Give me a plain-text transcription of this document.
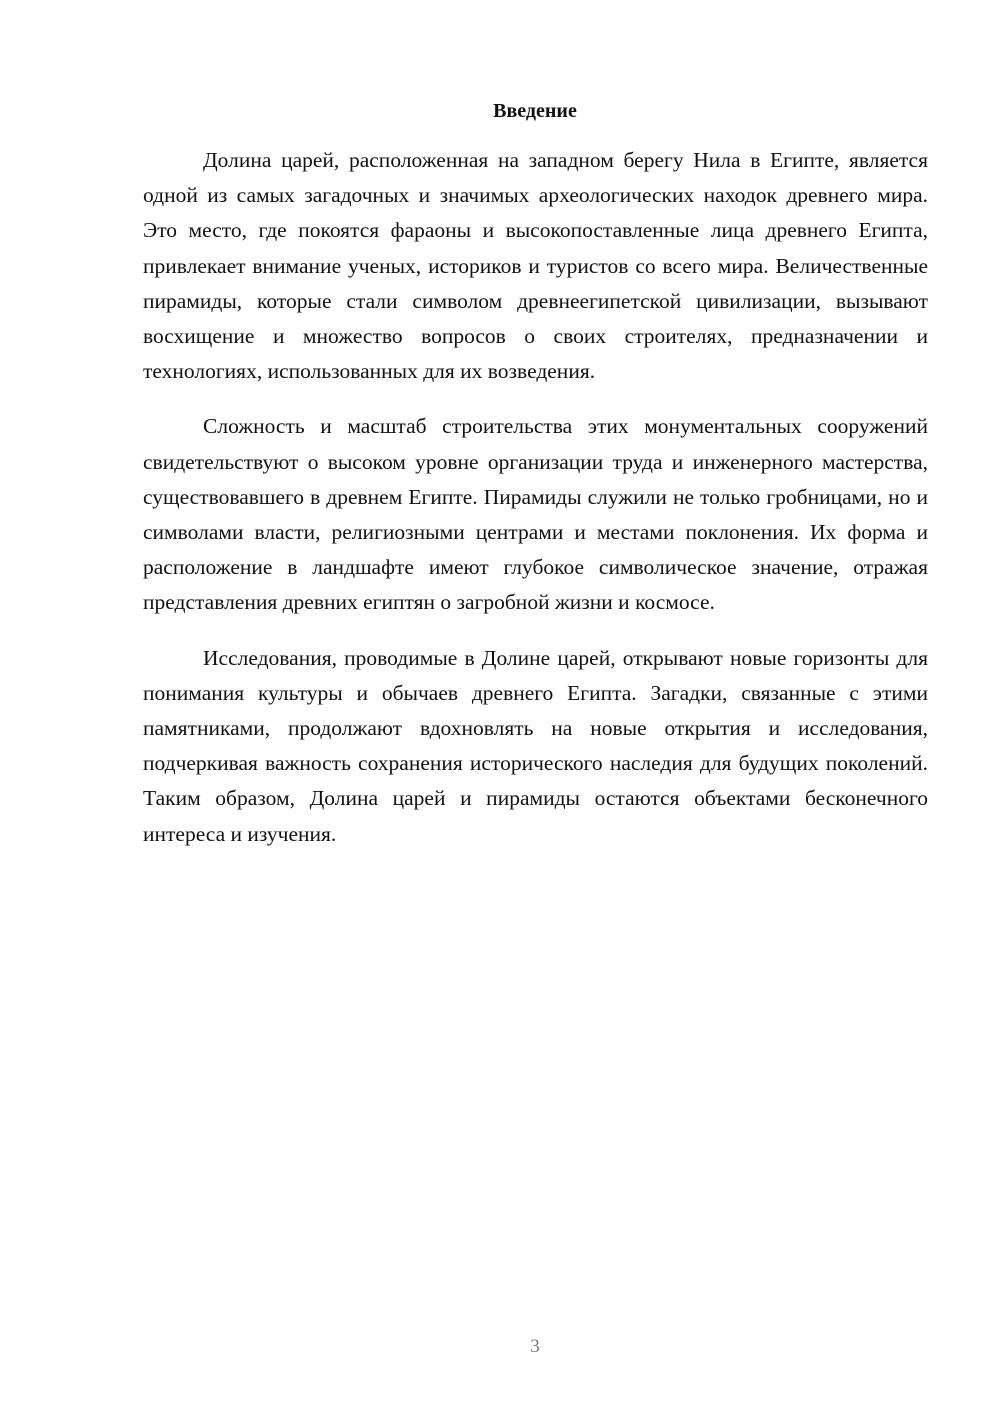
Введение

Долина царей, расположенная на западном берегу Нила в Египте, является одной из самых загадочных и значимых археологических находок древнего мира. Это место, где покоятся фараоны и высокопоставленные лица древнего Египта, привлекает внимание ученых, историков и туристов со всего мира. Величественные пирамиды, которые стали символом древнеегипетской цивилизации, вызывают восхищение и множество вопросов о своих строителях, предназначении и технологиях, использованных для их возведения.

Сложность и масштаб строительства этих монументальных сооружений свидетельствуют о высоком уровне организации труда и инженерного мастерства, существовавшего в древнем Египте. Пирамиды служили не только гробницами, но и символами власти, религиозными центрами и местами поклонения. Их форма и расположение в ландшафте имеют глубокое символическое значение, отражая представления древних египтян о загробной жизни и космосе.

Исследования, проводимые в Долине царей, открывают новые горизонты для понимания культуры и обычаев древнего Египта. Загадки, связанные с этими памятниками, продолжают вдохновлять на новые открытия и исследования, подчеркивая важность сохранения исторического наследия для будущих поколений. Таким образом, Долина царей и пирамиды остаются объектами бесконечного интереса и изучения.

3
